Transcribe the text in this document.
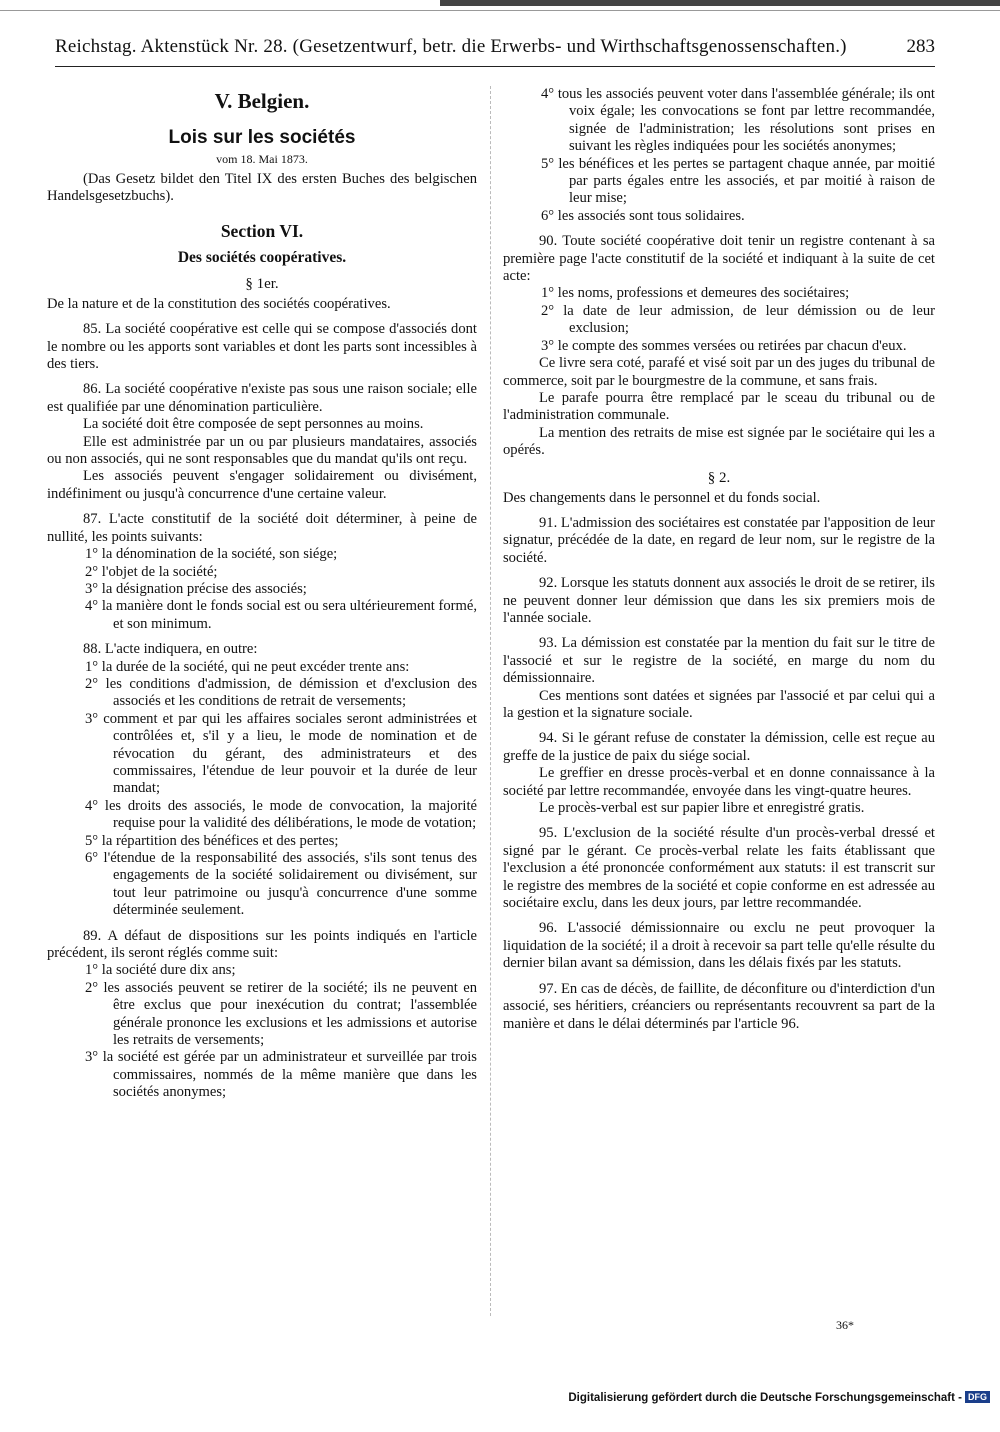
Reichstag. Aktenstück Nr. 28. (Gesetzentwurf, betr. die Erwerbs- und Wirthschaftsgenossenschaften.)	283
V. Belgien.
Lois sur les sociétés
vom 18. Mai 1873.

(Das Gesetz bildet den Titel IX des ersten Buches des belgischen Handelsgesetzbuchs).

Section VI.
Des sociétés coopératives.
§ 1er.

De la nature et de la constitution des sociétés coopératives.

85. La société coopérative est celle qui se compose d'associés dont le nombre ou les apports sont variables et dont les parts sont incessibles à des tiers.

86. La société coopérative n'existe pas sous une raison sociale; elle est qualifiée par une dénomination particulière.

La société doit être composée de sept personnes au moins.

Elle est administrée par un ou par plusieurs mandataires, associés ou non associés, qui ne sont responsables que du mandat qu'ils ont reçu.

Les associés peuvent s'engager solidairement ou divisément, indéfiniment ou jusqu'à concurrence d'une certaine valeur.

87. L'acte constitutif de la société doit déterminer, à peine de nullité, les points suivants:

1° la dénomination de la société, son siége;

2° l'objet de la société;

3° la désignation précise des associés;

4° la manière dont le fonds social est ou sera ultérieurement formé, et son minimum.

88. L'acte indiquera, en outre:

1° la durée de la société, qui ne peut excéder trente ans:

2° les conditions d'admission, de démission et d'exclusion des associés et les conditions de retrait de versements;

3° comment et par qui les affaires sociales seront administrées et contrôlées et, s'il y a lieu, le mode de nomination et de révocation du gérant, des administrateurs et des commissaires, l'étendue de leur pouvoir et la durée de leur mandat;

4° les droits des associés, le mode de convocation, la majorité requise pour la validité des délibérations, le mode de votation;

5° la répartition des bénéfices et des pertes;

6° l'étendue de la responsabilité des associés, s'ils sont tenus des engagements de la société solidairement ou divisément, sur tout leur patrimoine ou jusqu'à concurrence d'une somme déterminée seulement.

89. A défaut de dispositions sur les points indiqués en l'article précédent, ils seront réglés comme suit:

1° la société dure dix ans;

2° les associés peuvent se retirer de la société; ils ne peuvent en être exclus que pour inexécution du contrat; l'assemblée générale prononce les exclusions et les admissions et autorise les retraits de versements;

3° la société est gérée par un administrateur et surveillée par trois commissaires, nommés de la même manière que dans les sociétés anonymes;

4° tous les associés peuvent voter dans l'assemblée générale; ils ont voix égale; les convocations se font par lettre recommandée, signée de l'administration; les résolutions sont prises en suivant les règles indiquées pour les sociétés anonymes;

5° les bénéfices et les pertes se partagent chaque année, par moitié par parts égales entre les associés, et par moitié à raison de leur mise;

6° les associés sont tous solidaires.

90. Toute société coopérative doit tenir un registre contenant à sa première page l'acte constitutif de la société et indiquant à la suite de cet acte:

1° les noms, professions et demeures des sociétaires;

2° la date de leur admission, de leur démission ou de leur exclusion;

3° le compte des sommes versées ou retirées par chacun d'eux.

Ce livre sera coté, parafé et visé soit par un des juges du tribunal de commerce, soit par le bourgmestre de la commune, et sans frais.

Le parafe pourra être remplacé par le sceau du tribunal ou de l'administration communale.

La mention des retraits de mise est signée par le sociétaire qui les a opérés.

§ 2.

Des changements dans le personnel et du fonds social.

91. L'admission des sociétaires est constatée par l'apposition de leur signatur, précédée de la date, en regard de leur nom, sur le registre de la société.

92. Lorsque les statuts donnent aux associés le droit de se retirer, ils ne peuvent donner leur démission que dans les six premiers mois de l'année sociale.

93. La démission est constatée par la mention du fait sur le titre de l'associé et sur le registre de la société, en marge du nom du démissionnaire.

Ces mentions sont datées et signées par l'associé et par celui qui a la gestion et la signature sociale.

94. Si le gérant refuse de constater la démission, celle est reçue au greffe de la justice de paix du siége social.

Le greffier en dresse procès-verbal et en donne connaissance à la société par lettre recommandée, envoyée dans les vingt-quatre heures.

Le procès-verbal est sur papier libre et enregistré gratis.

95. L'exclusion de la société résulte d'un procès-verbal dressé et signé par le gérant. Ce procès-verbal relate les faits établissant que l'exclusion a été prononcée conformément aux statuts: il est transcrit sur le registre des membres de la société et copie conforme en est adressée au sociétaire exclu, dans les deux jours, par lettre recommandée.

96. L'associé démissionnaire ou exclu ne peut provoquer la liquidation de la société; il a droit à recevoir sa part telle qu'elle résulte du dernier bilan avant sa démission, dans les délais fixés par les statuts.

97. En cas de décès, de faillite, de déconfiture ou d'interdiction d'un associé, ses héritiers, créanciers ou représentants recouvrent sa part de la manière et dans le délai déterminés par l'article 96.

36*
Digitalisierung gefördert durch die Deutsche Forschungsgemeinschaft - DFG
